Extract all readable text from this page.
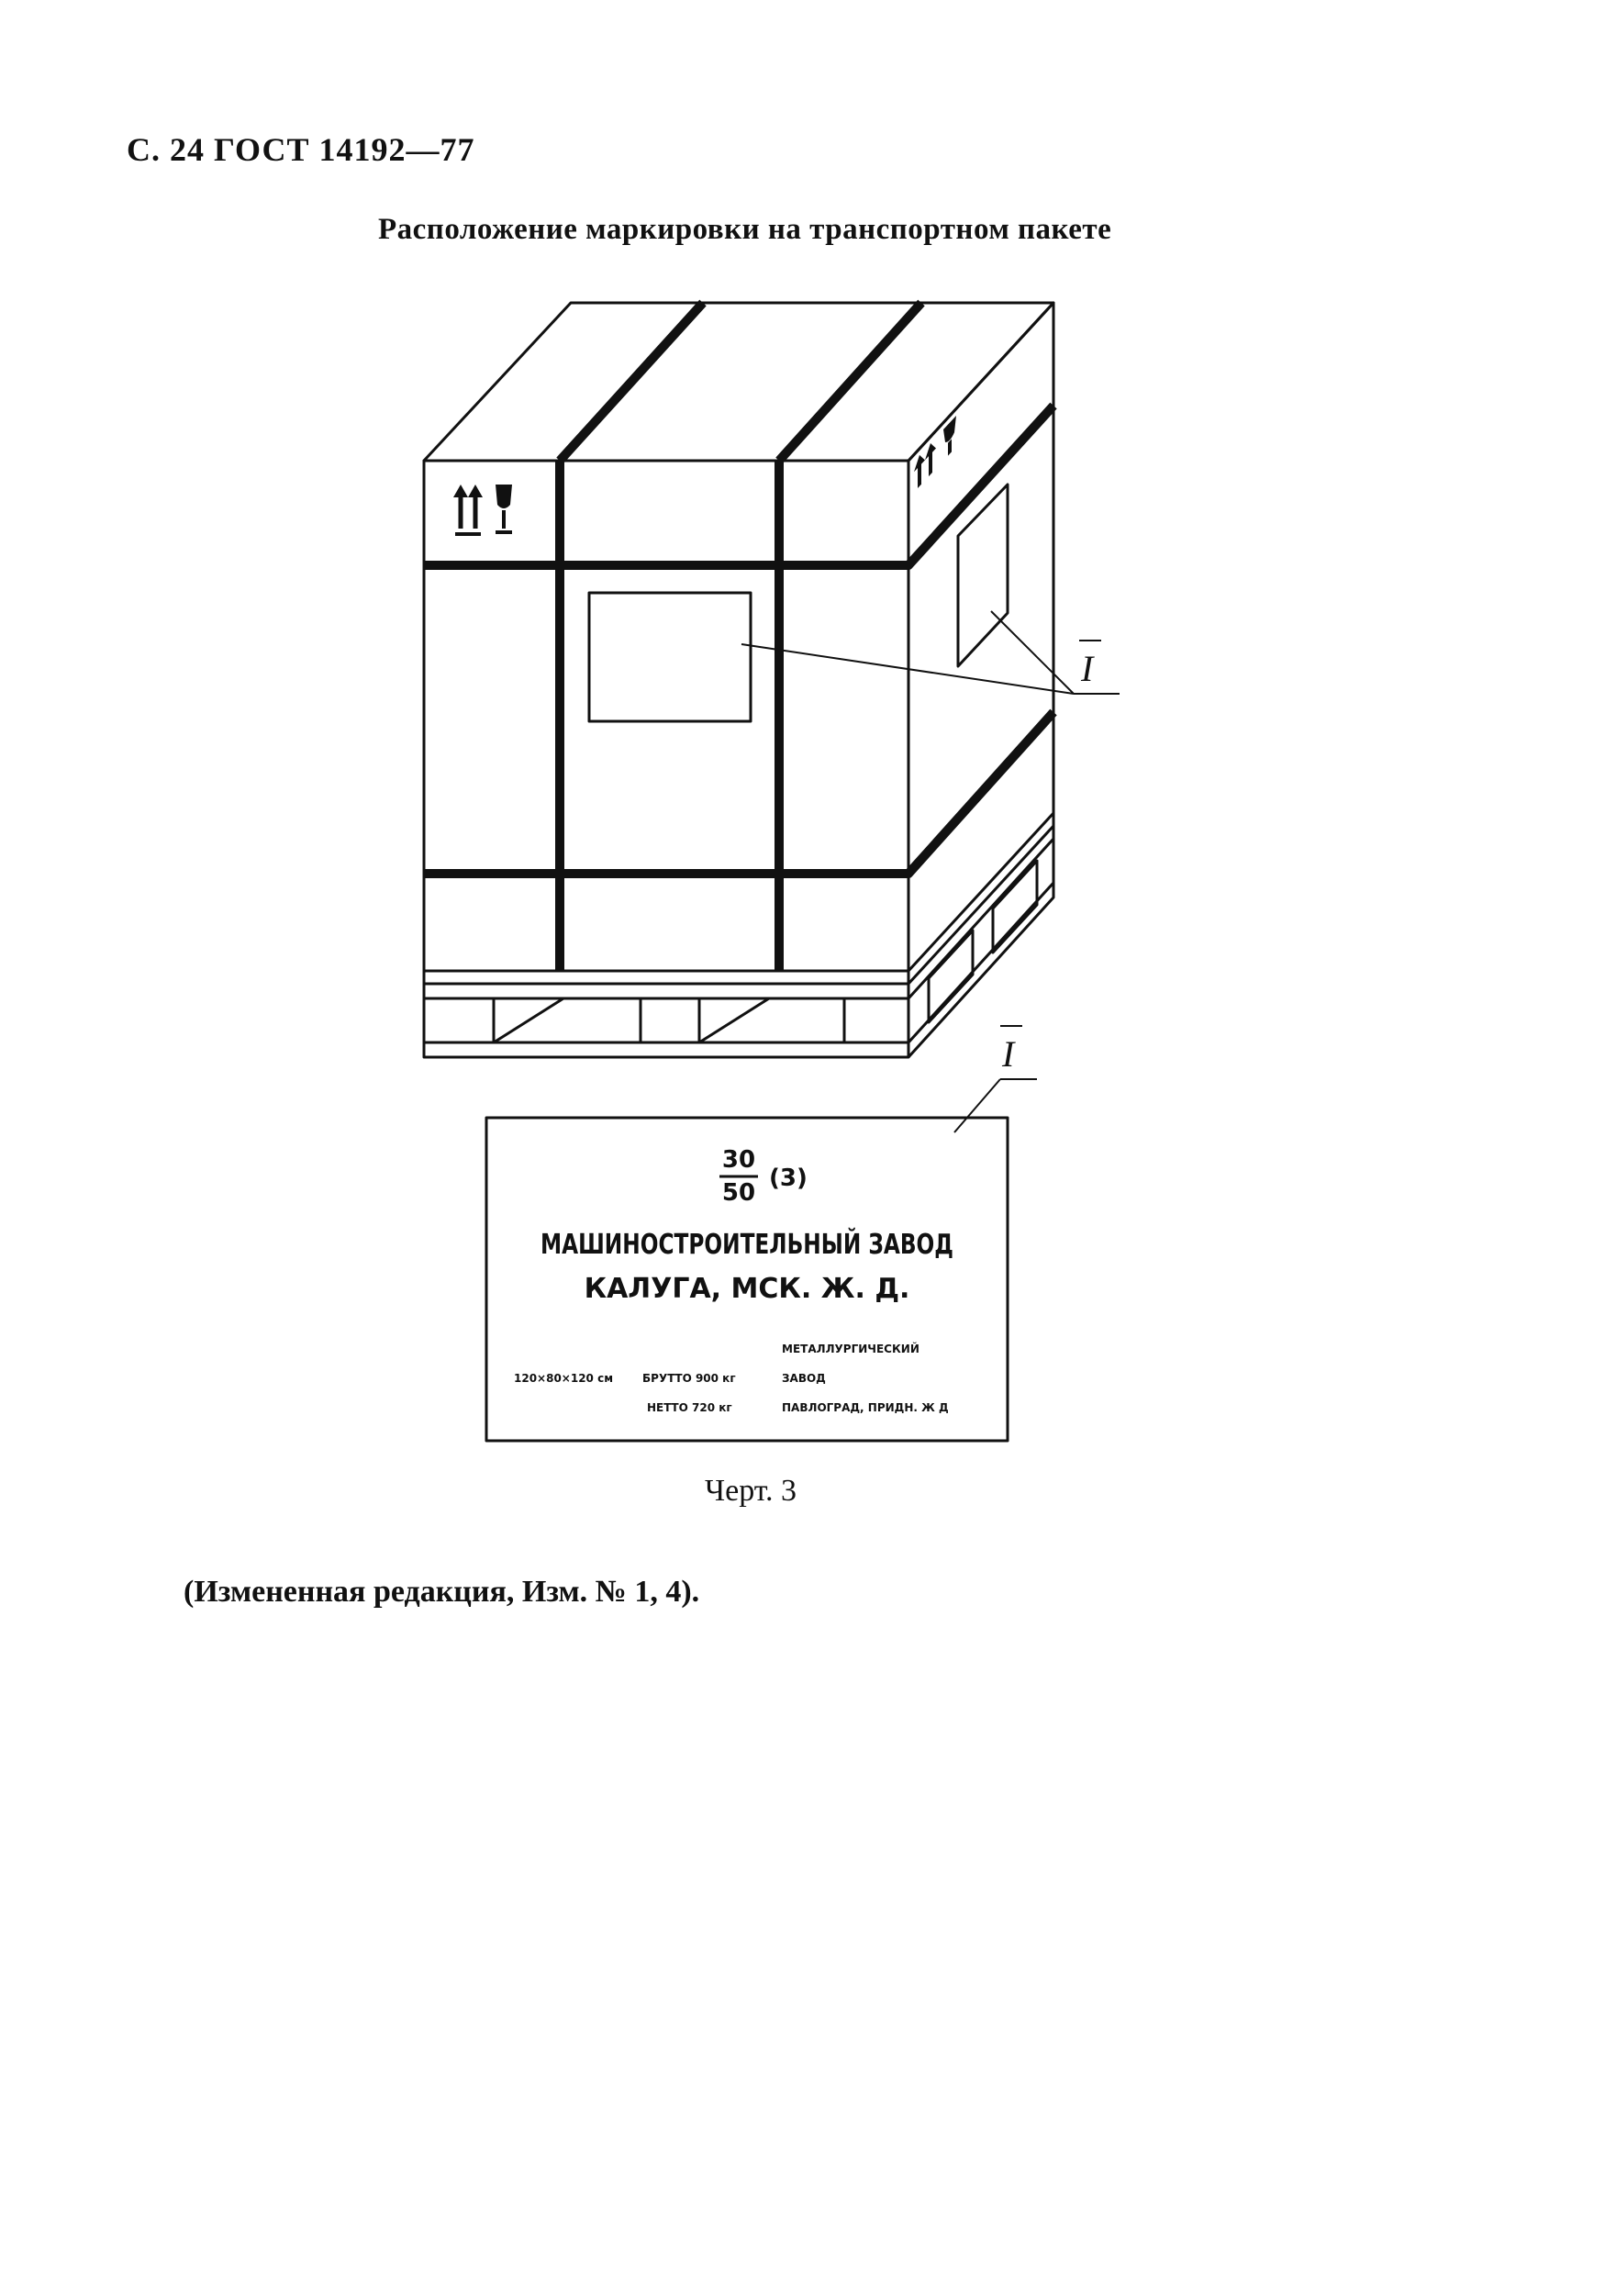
С. 24 ГОСТ 14192—77
Расположение маркировки на транспортном пакете
I
I
30
50
(3)
МАШИНОСТРОИТЕЛЬНЫЙ ЗАВОД
КАЛУГА, МСК. Ж. Д.
120×80×120 см	БРУТТО 900 кг
НЕТТО 720 кг
МЕТАЛЛУРГИЧЕСКИЙ
ЗАВОД
ПАВЛОГРАД, ПРИДН. Ж Д
Черт. 3
(Измененная редакция, Изм. № 1, 4).
